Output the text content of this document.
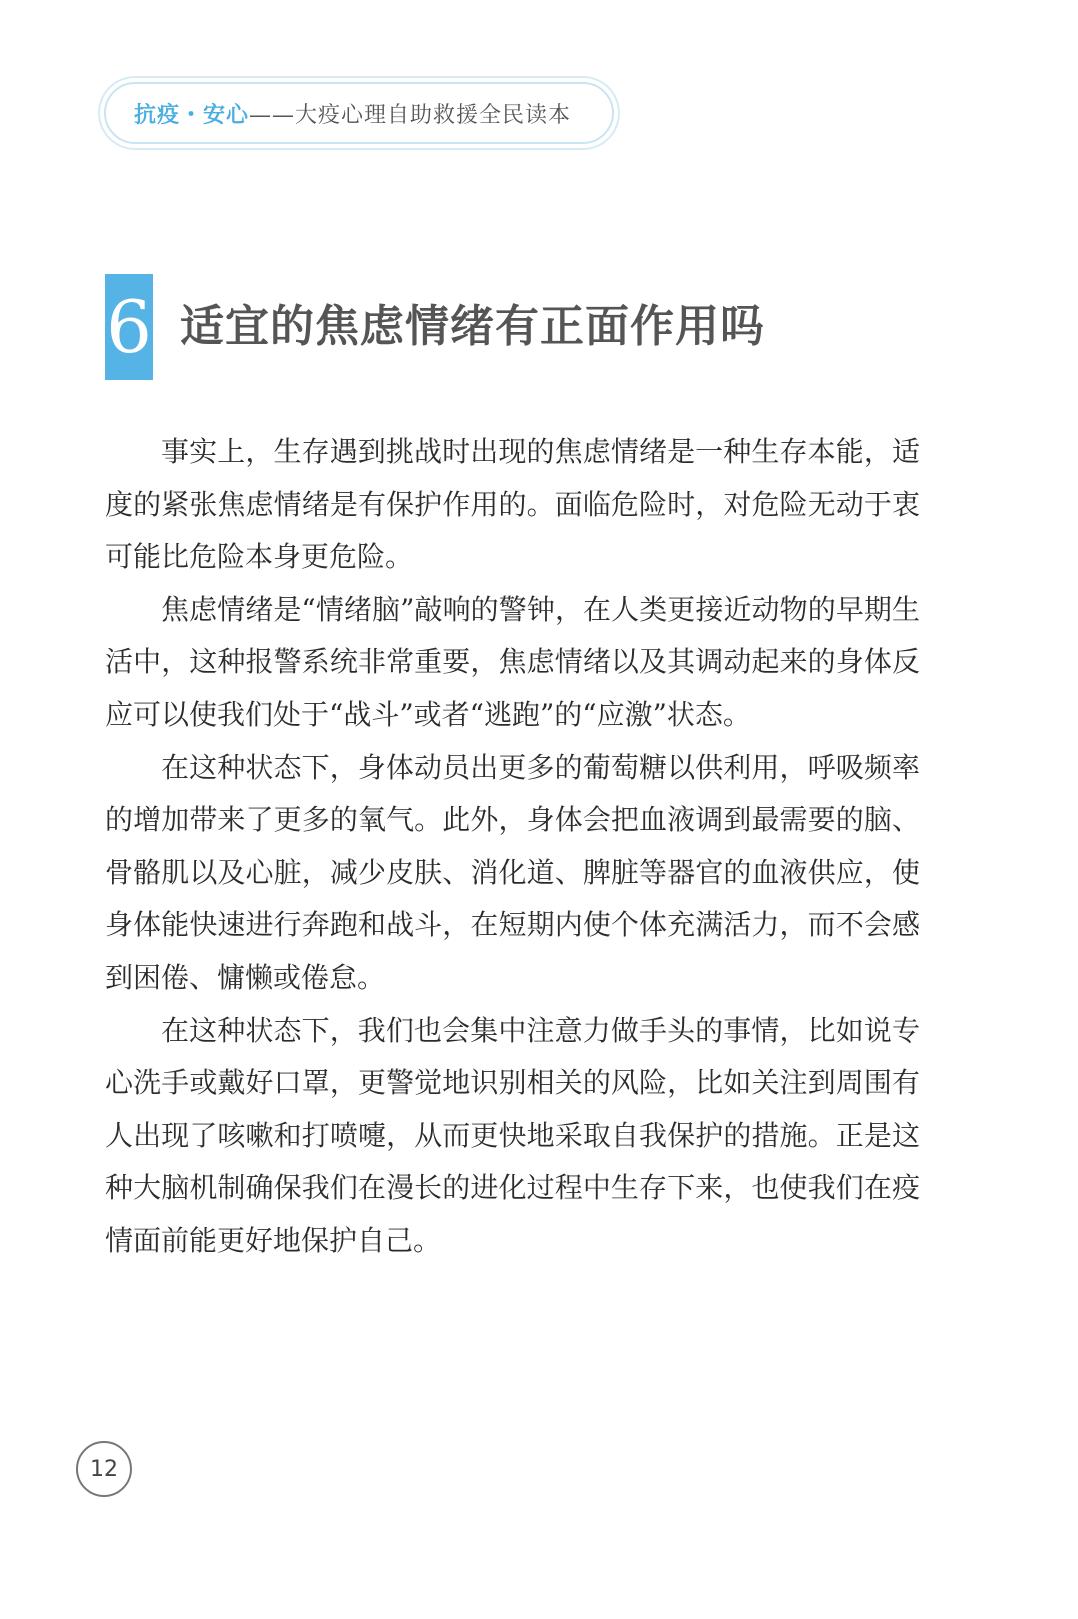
抗疫・安心 ——大疫心理自助救援全民读本
6 适宜的焦虑情绪有正面作用吗

事实上，生存遇到挑战时出现的焦虑情绪是一种生存本能，适度的紧张焦虑情绪是有保护作用的。面临危险时，对危险无动于衷可能比危险本身更危险。

焦虑情绪是“情绪脑”敲响的警钟，在人类更接近动物的早期生活中，这种报警系统非常重要，焦虑情绪以及其调动起来的身体反应可以使我们处于“战斗”或者“逃跑”的“应激”状态。

在这种状态下，身体动员出更多的葡萄糖以供利用，呼吸频率的增加带来了更多的氧气。此外，身体会把血液调到最需要的脑、骨骼肌以及心脏，减少皮肤、消化道、脾脏等器官的血液供应，使身体能快速进行奔跑和战斗，在短期内使个体充满活力，而不会感到困倦、慵懒或倦怠。

在这种状态下，我们也会集中注意力做手头的事情，比如说专心洗手或戴好口罩，更警觉地识别相关的风险，比如关注到周围有人出现了咳嗽和打喷嚏，从而更快地采取自我保护的措施。正是这种大脑机制确保我们在漫长的进化过程中生存下来，也使我们在疫情面前能更好地保护自己。

12
